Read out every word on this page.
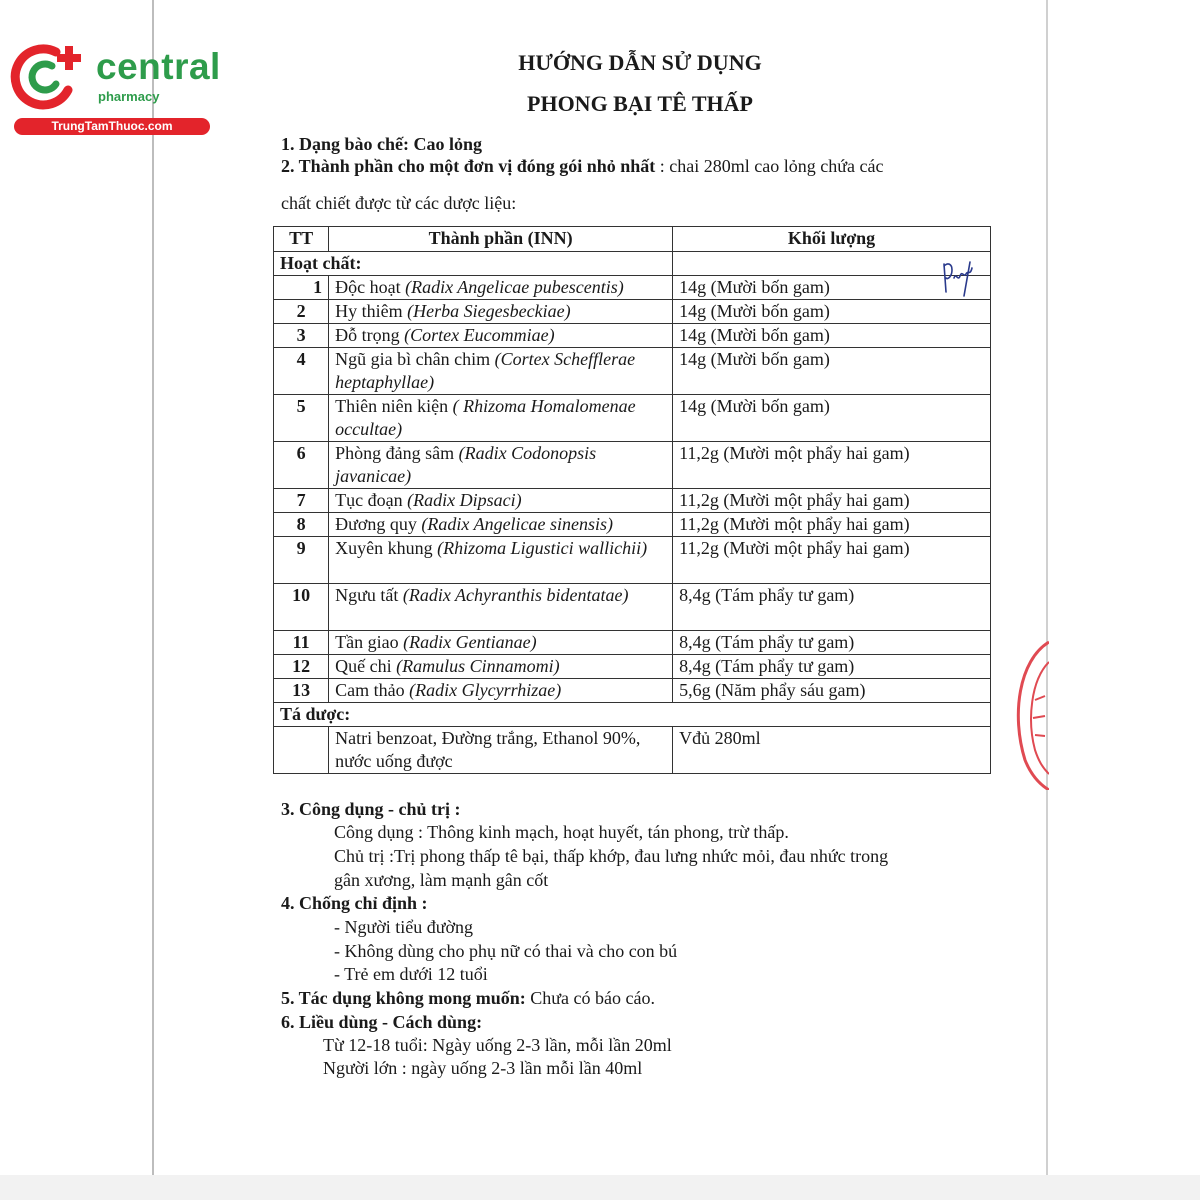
central
pharmacy
TrungTamThuoc.com
HƯỚNG DẪN SỬ DỤNG
PHONG BẠI TÊ THẤP
1. Dạng bào chế: Cao lỏng
2. Thành phần cho một đơn vị đóng gói nhỏ nhất : chai 280ml cao lỏng chứa các
chất chiết được từ các dược liệu:
TT	Thành phần (INN)	Khối lượng
Hoạt chất:		
1	Độc hoạt (Radix Angelicae pubescentis)	14g (Mười bốn gam)
2	Hy thiêm (Herba Siegesbeckiae)	14g (Mười bốn gam)
3	Đỗ trọng (Cortex Eucommiae)	14g (Mười bốn gam)
4	Ngũ gia bì chân chim (Cortex Schefflerae heptaphyllae)	14g (Mười bốn gam)
5	Thiên niên kiện ( Rhizoma Homalomenae occultae)	14g (Mười bốn gam)
6	Phòng đảng sâm (Radix Codonopsis javanicae)	11,2g (Mười một phẩy hai gam)
7	Tục đoạn (Radix Dipsaci)	11,2g (Mười một phẩy hai gam)
8	Đương quy (Radix Angelicae sinensis)	11,2g (Mười một phẩy hai gam)
9	Xuyên khung (Rhizoma Ligustici wallichii)	11,2g (Mười một phẩy hai gam)
10	Ngưu tất (Radix Achyranthis bidentatae)	8,4g (Tám phẩy tư gam)
11	Tần giao (Radix Gentianae)	8,4g (Tám phẩy tư gam)
12	Quế chi (Ramulus Cinnamomi)	8,4g (Tám phẩy tư gam)
13	Cam thảo (Radix Glycyrrhizae)	5,6g (Năm phẩy sáu gam)
Tá dược:		
	Natri benzoat, Đường trắng, Ethanol 90%, nước uống được	Vđủ 280ml
3. Công dụng - chủ trị :
Công dụng : Thông kinh mạch, hoạt huyết, tán phong, trừ thấp.
Chủ trị :Trị phong thấp tê bại, thấp khớp, đau lưng nhức mỏi, đau nhức trong
gân xương, làm mạnh gân cốt
4. Chống chỉ định :
- Người tiểu đường
- Không dùng cho phụ nữ có thai và cho con bú
- Trẻ em dưới 12 tuổi
5. Tác dụng không mong muốn: Chưa có báo cáo.
6. Liều dùng - Cách dùng:
Từ 12-18 tuổi: Ngày uống 2-3 lần, mỗi lần 20ml
Người lớn : ngày uống 2-3 lần mỗi lần 40ml
